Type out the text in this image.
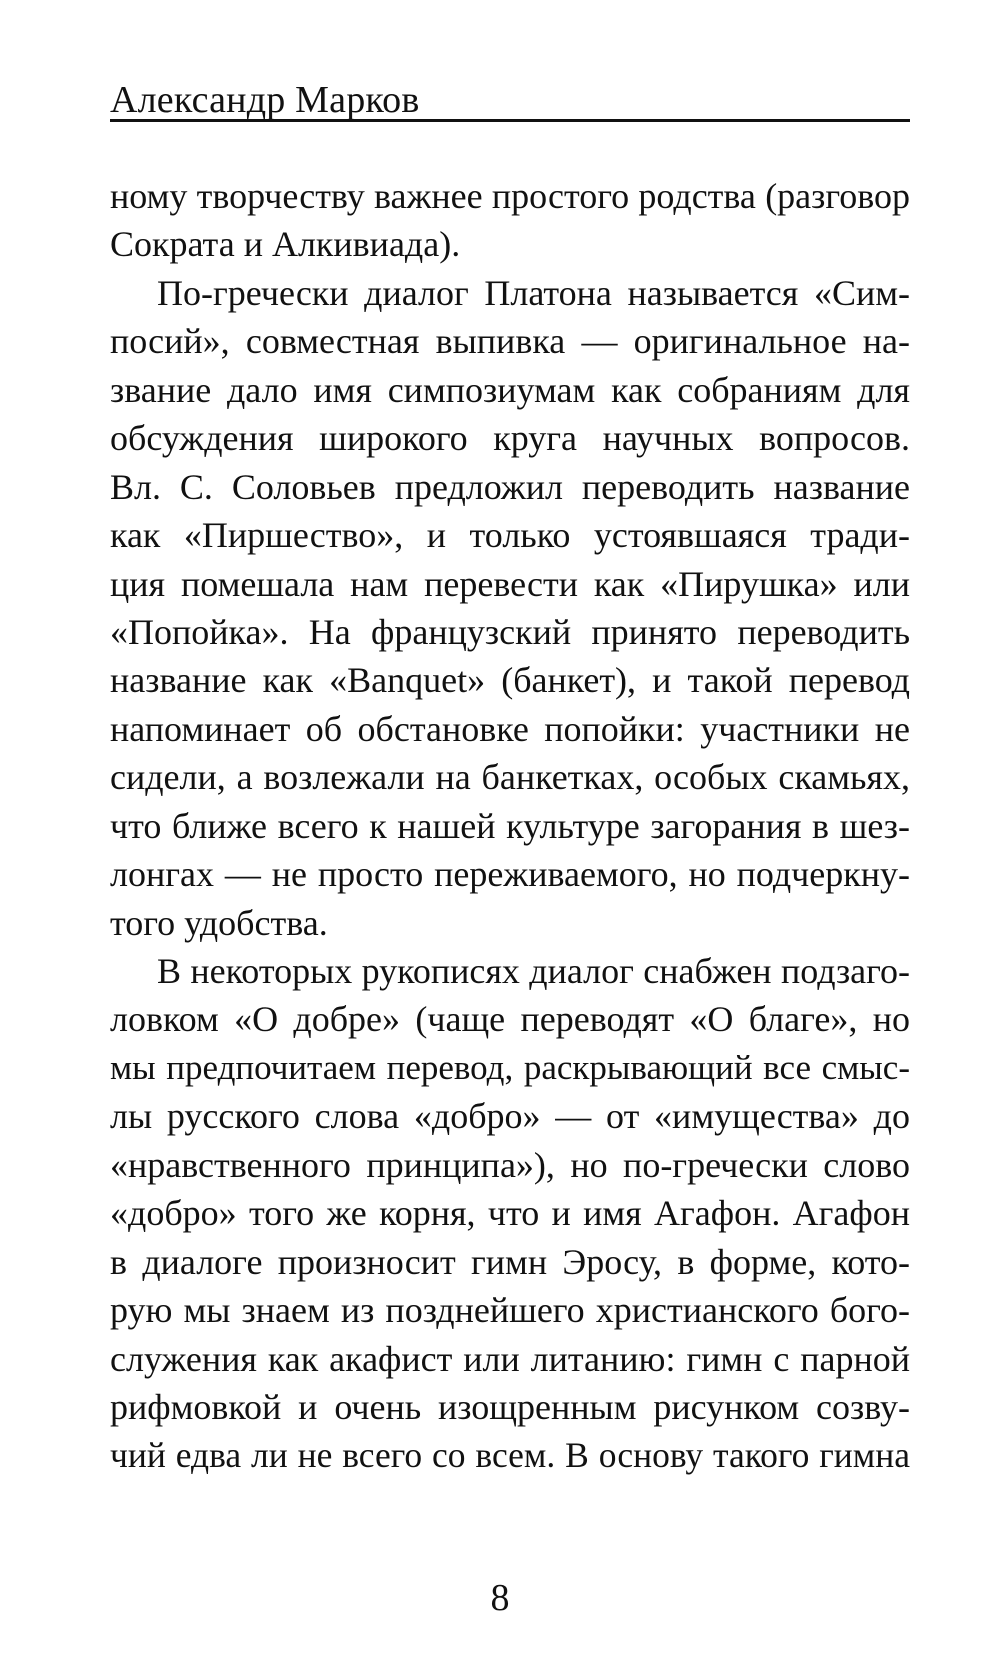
Александр Марков
ному творчеству важнее простого родства (разговор
Сократа и Алкивиада).
По-гречески диалог Платона называется «Сим-
посий», совместная выпивка — оригинальное на-
звание дало имя симпозиумам как собраниям для
обсуждения широкого круга научных вопросов.
Вл. С. Соловьев предложил переводить название
как «Пиршество», и только устоявшаяся тради-
ция помешала нам перевести как «Пирушка» или
«Попойка». На французский принято переводить
название как «Banquet» (банкет), и такой перевод
напоминает об обстановке попойки: участники не
сидели, а возлежали на банкетках, особых скамьях,
что ближе всего к нашей культуре загорания в шез-
лонгах — не просто переживаемого, но подчеркну-
того удобства.
В некоторых рукописях диалог снабжен подзаго-
ловком «О добре» (чаще переводят «О благе», но
мы предпочитаем перевод, раскрывающий все смыс-
лы русского слова «добро» — от «имущества» до
«нравственного принципа»), но по-гречески слово
«добро» того же корня, что и имя Агафон. Агафон
в диалоге произносит гимн Эросу, в форме, кото-
рую мы знаем из позднейшего христианского бого-
служения как акафист или литанию: гимн с парной
рифмовкой и очень изощренным рисунком созву-
чий едва ли не всего со всем. В основу такого гимна
8
